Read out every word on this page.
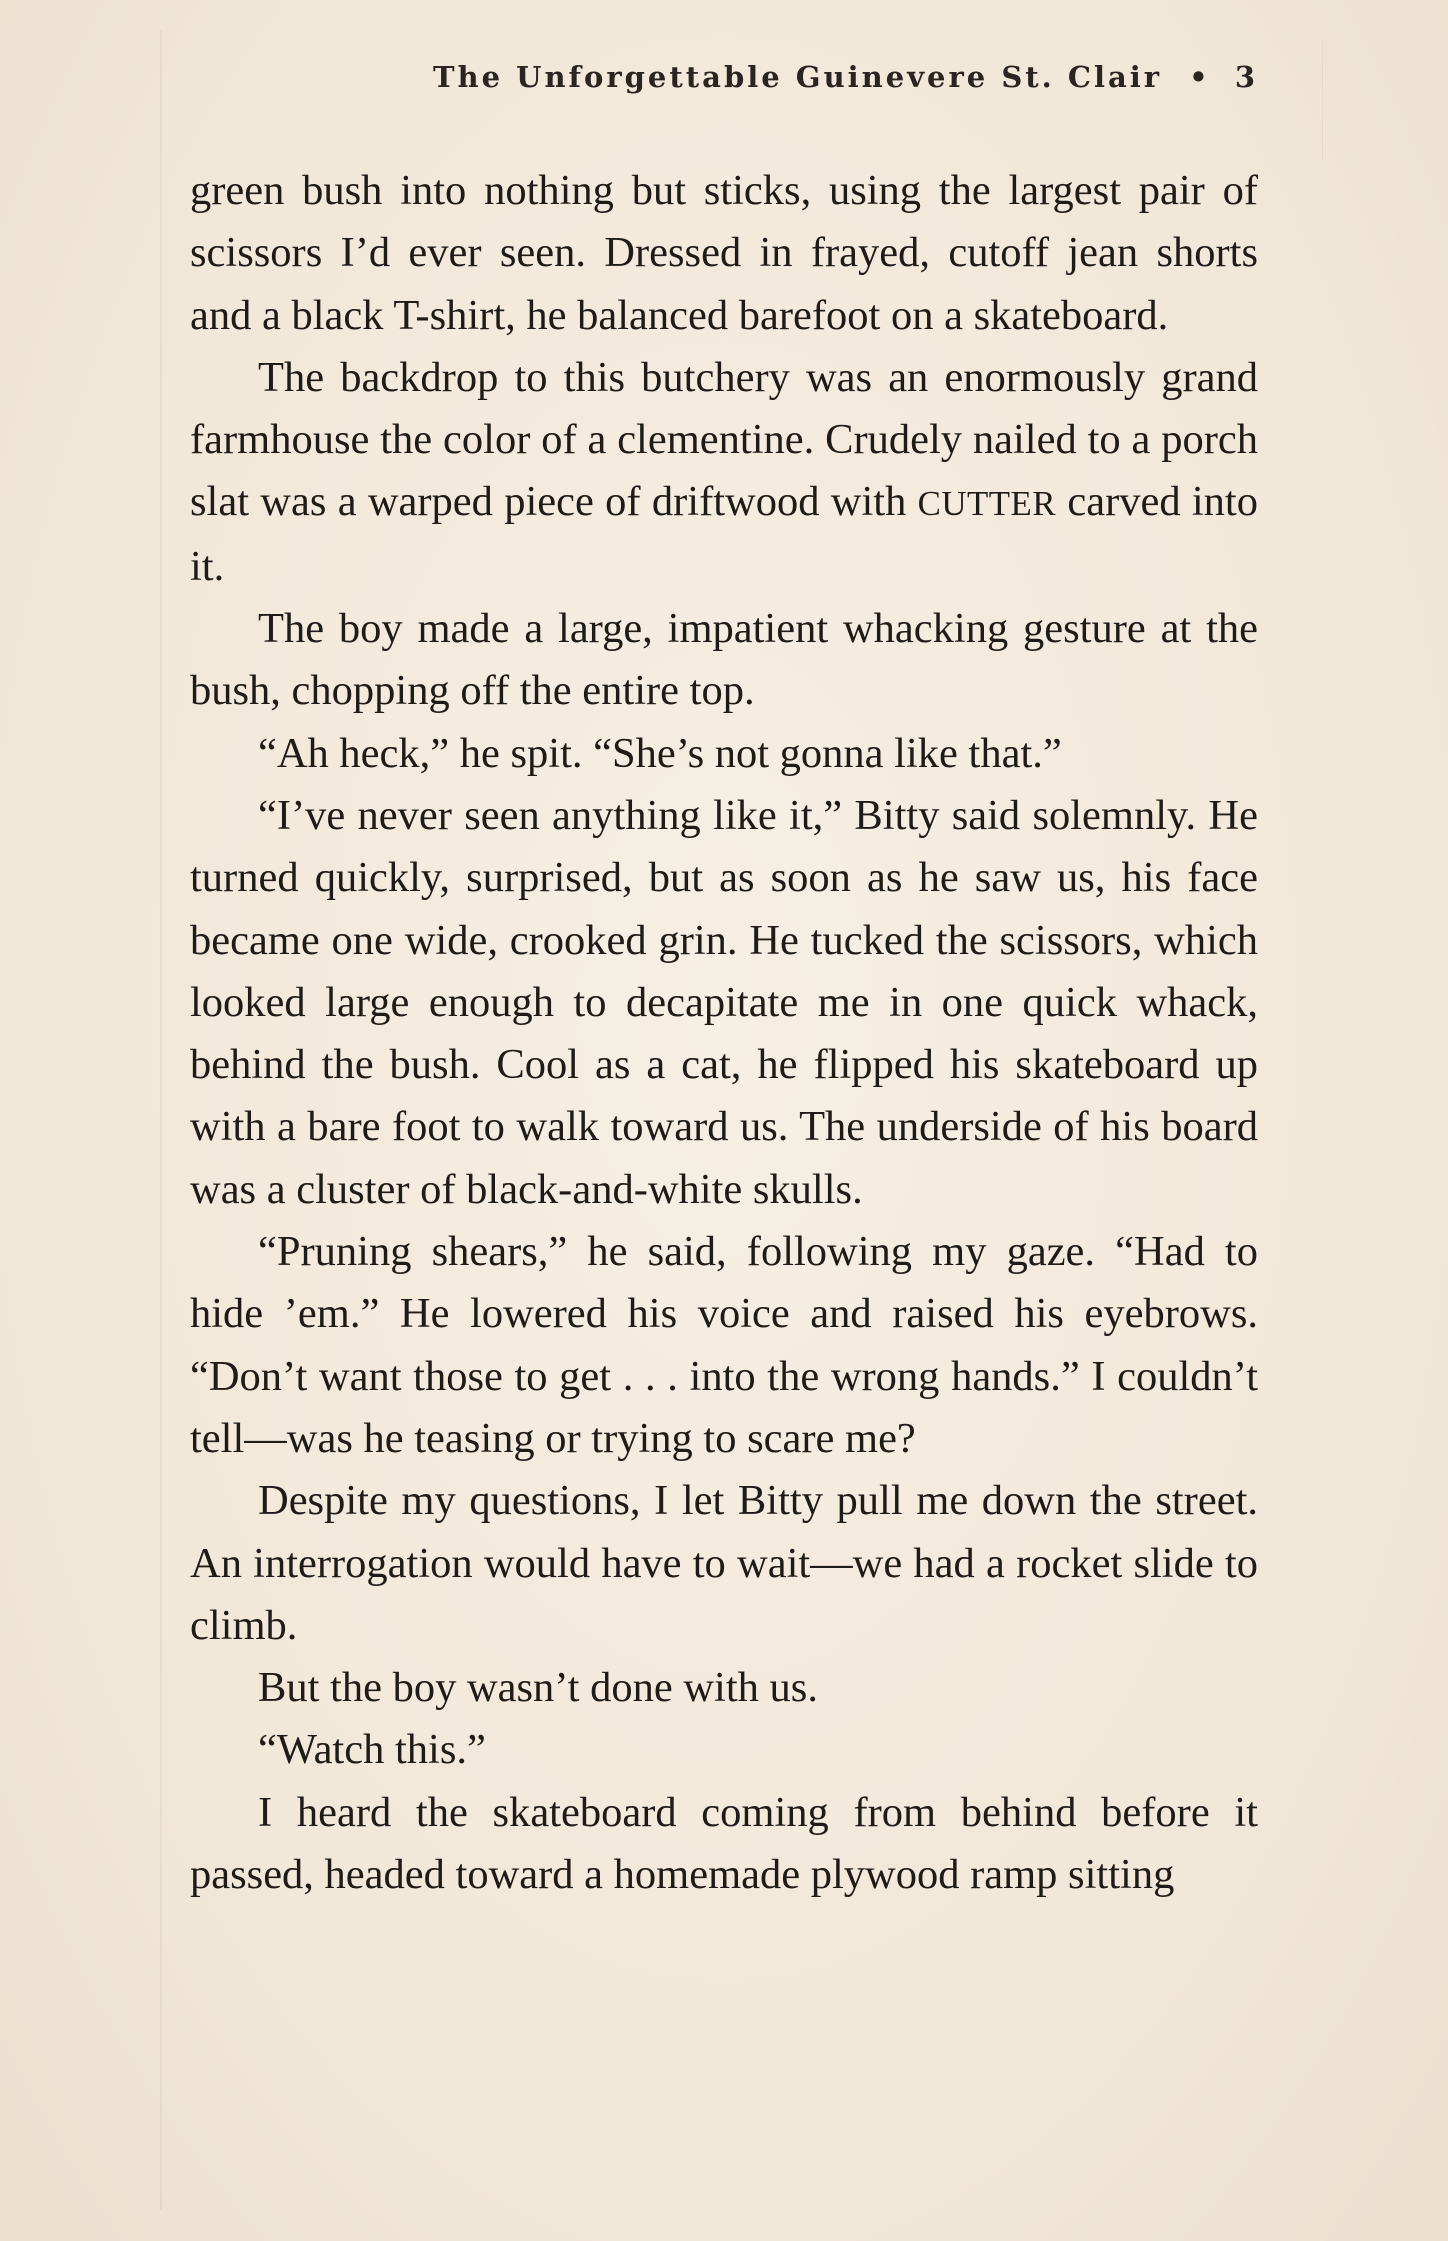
The Unforgettable Guinevere St. Clair • 3

green bush into nothing but sticks, using the largest pair of scissors I’d ever seen. Dressed in frayed, cutoff jean shorts and a black T-shirt, he balanced barefoot on a skateboard.

The backdrop to this butchery was an enormously grand farmhouse the color of a clementine. Crudely nailed to a porch slat was a warped piece of driftwood with CUTTER carved into it.

The boy made a large, impatient whacking gesture at the bush, chopping off the entire top.

“Ah heck,” he spit. “She’s not gonna like that.”

“I’ve never seen anything like it,” Bitty said solemnly. He turned quickly, surprised, but as soon as he saw us, his face became one wide, crooked grin. He tucked the scissors, which looked large enough to decapitate me in one quick whack, behind the bush. Cool as a cat, he flipped his skateboard up with a bare foot to walk toward us. The underside of his board was a cluster of black-and-white skulls.

“Pruning shears,” he said, following my gaze. “Had to hide ’em.” He lowered his voice and raised his eyebrows. “Don’t want those to get . . . into the wrong hands.” I couldn’t tell—was he teasing or trying to scare me?

Despite my questions, I let Bitty pull me down the street. An interrogation would have to wait—we had a rocket slide to climb.

But the boy wasn’t done with us.

“Watch this.”

I heard the skateboard coming from behind before it passed, headed toward a homemade plywood ramp sitting
